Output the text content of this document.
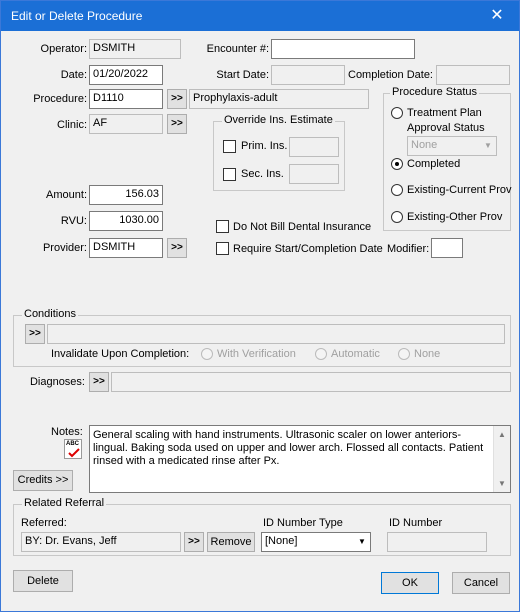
Edit or Delete Procedure	✕
Operator: DSMITH
Date: 01/20/2022
Procedure: D1110	>> Prophylaxis-adult
Clinic: AF	>>
Encounter #:
Start Date:	Completion Date:
Override Ins. Estimate
Prim. Ins.
Sec. Ins.
Procedure Status
Treatment Plan
Approval Status
None	▼
Completed
Existing-Current Prov
Existing-Other Prov
Amount:	156.03
RVU:	1030.00
Provider: DSMITH	>>
Do Not Bill Dental Insurance
Require Start/Completion Date Modifier:
Conditions
>>
Invalidate Upon Completion:	With Verification	Automatic	None
Diagnoses: >>
Notes:
ABC
General scaling with hand instruments. Ultrasonic scaler on lower anteriors-lingual. Baking soda used on upper and lower arch. Flossed all contacts. Patient rinsed with a medicated rinse after Px.
▲
▼
Credits >>
Related Referral
Referred:
BY: Dr. Evans, Jeff	>> Remove
ID Number Type
[None]	▼
ID Number
Delete	OK	Cancel
